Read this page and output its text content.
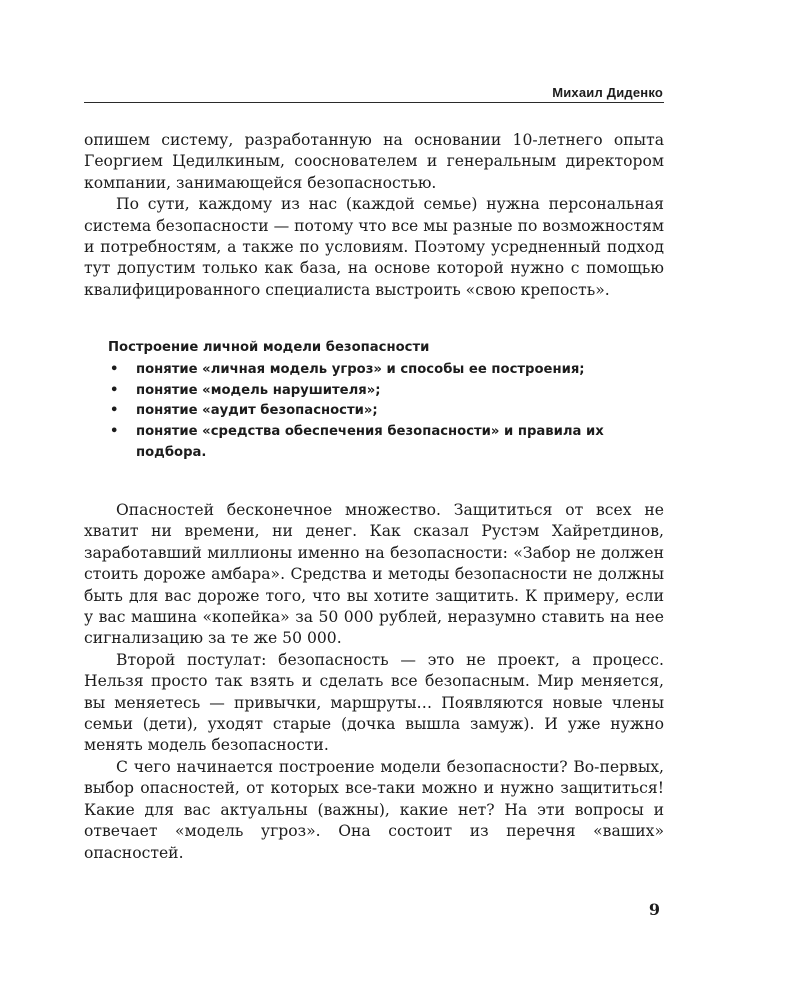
Михаил Диденко

опишем систему, разработанную на основании 10-летнего опыта Георгием Цедилкиным, сооснователем и генеральным директором компании, занимающейся безопасностью.

По сути, каждому из нас (каждой семье) нужна персональная система безопасности — потому что все мы разные по возможностям и потребностям, а также по условиям. Поэтому усредненный подход тут допустим только как база, на основе которой нужно с помощью квалифицированного специалиста выстроить «свою крепость».

Построение личной модели безопасности
• понятие «личная модель угроз» и способы ее построения;
• понятие «модель нарушителя»;
• понятие «аудит безопасности»;
• понятие «средства обеспечения безопасности» и правила их подбора.

Опасностей бесконечное множество. Защититься от всех не хватит ни времени, ни денег. Как сказал Рустэм Хайретдинов, заработавший миллионы именно на безопасности: «Забор не должен стоить дороже амбара». Средства и методы безопасности не должны быть для вас дороже того, что вы хотите защитить. К примеру, если у вас машина «копейка» за 50 000 рублей, неразумно ставить на нее сигнализацию за те же 50 000.

Второй постулат: безопасность — это не проект, а процесс. Нельзя просто так взять и сделать все безопасным. Мир меняется, вы меняетесь — привычки, маршруты… Появляются новые члены семьи (дети), уходят старые (дочка вышла замуж). И уже нужно менять модель безопасности.

С чего начинается построение модели безопасности? Во-первых, выбор опасностей, от которых все-таки можно и нужно защититься! Какие для вас актуальны (важны), какие нет? На эти вопросы и отвечает «модель угроз». Она состоит из перечня «ваших» опасностей.

9
